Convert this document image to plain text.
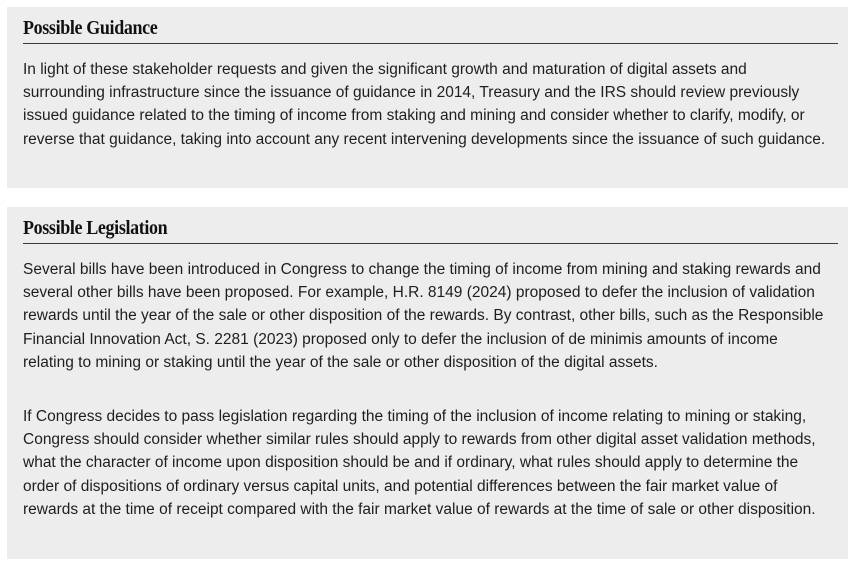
Possible Guidance

In light of these stakeholder requests and given the significant growth and maturation of digital assets and surrounding infrastructure since the issuance of guidance in 2014, Treasury and the IRS should review previously issued guidance related to the timing of income from staking and mining and consider whether to clarify, modify, or reverse that guidance, taking into account any recent intervening developments since the issuance of such guidance.

Possible Legislation

Several bills have been introduced in Congress to change the timing of income from mining and staking rewards and several other bills have been proposed. For example, H.R. 8149 (2024) proposed to defer the inclusion of validation rewards until the year of the sale or other disposition of the rewards. By contrast, other bills, such as the Responsible Financial Innovation Act, S. 2281 (2023) proposed only to defer the inclusion of de minimis amounts of income relating to mining or staking until the year of the sale or other disposition of the digital assets.

If Congress decides to pass legislation regarding the timing of the inclusion of income relating to mining or staking, Congress should consider whether similar rules should apply to rewards from other digital asset validation methods, what the character of income upon disposition should be and if ordinary, what rules should apply to determine the order of dispositions of ordinary versus capital units, and potential differences between the fair market value of rewards at the time of receipt compared with the fair market value of rewards at the time of sale or other disposition.
